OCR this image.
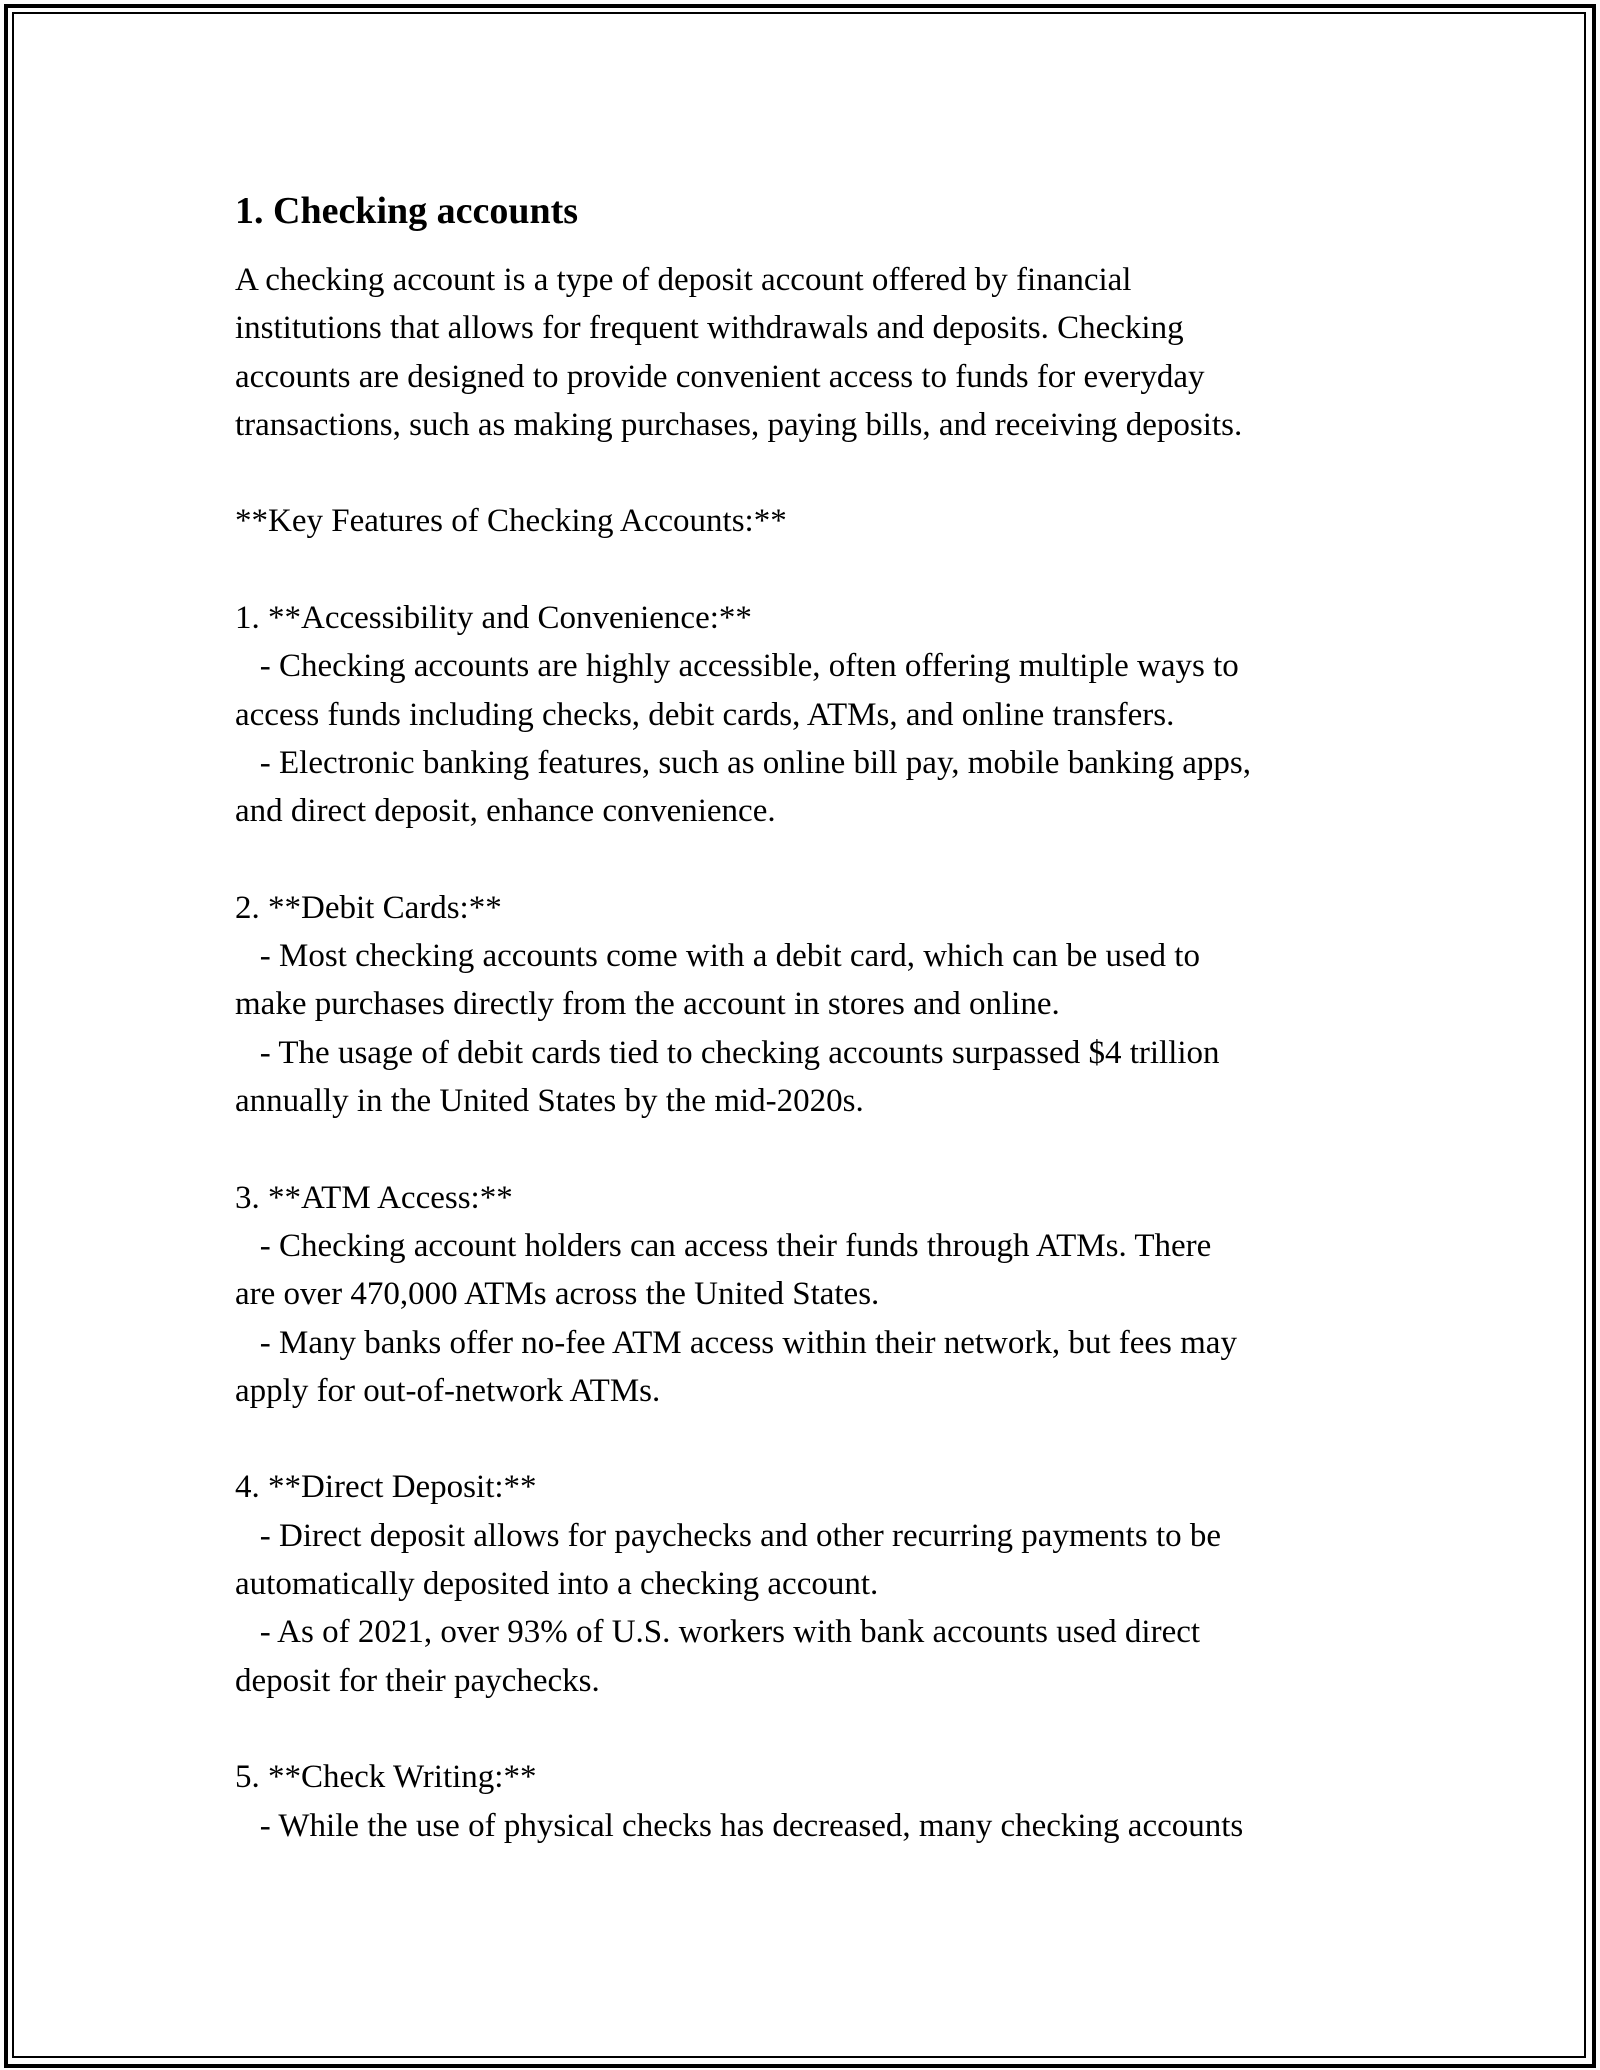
1. Checking accounts
A checking account is a type of deposit account offered by financial
institutions that allows for frequent withdrawals and deposits. Checking
accounts are designed to provide convenient access to funds for everyday
transactions, such as making purchases, paying bills, and receiving deposits.
**Key Features of Checking Accounts:**
1. **Accessibility and Convenience:**
- Checking accounts are highly accessible, often offering multiple ways to
access funds including checks, debit cards, ATMs, and online transfers.
- Electronic banking features, such as online bill pay, mobile banking apps,
and direct deposit, enhance convenience.
2. **Debit Cards:**
- Most checking accounts come with a debit card, which can be used to
make purchases directly from the account in stores and online.
- The usage of debit cards tied to checking accounts surpassed $4 trillion
annually in the United States by the mid-2020s.
3. **ATM Access:**
- Checking account holders can access their funds through ATMs. There
are over 470,000 ATMs across the United States.
- Many banks offer no-fee ATM access within their network, but fees may
apply for out-of-network ATMs.
4. **Direct Deposit:**
- Direct deposit allows for paychecks and other recurring payments to be
automatically deposited into a checking account.
- As of 2021, over 93% of U.S. workers with bank accounts used direct
deposit for their paychecks.
5. **Check Writing:**
- While the use of physical checks has decreased, many checking accounts
